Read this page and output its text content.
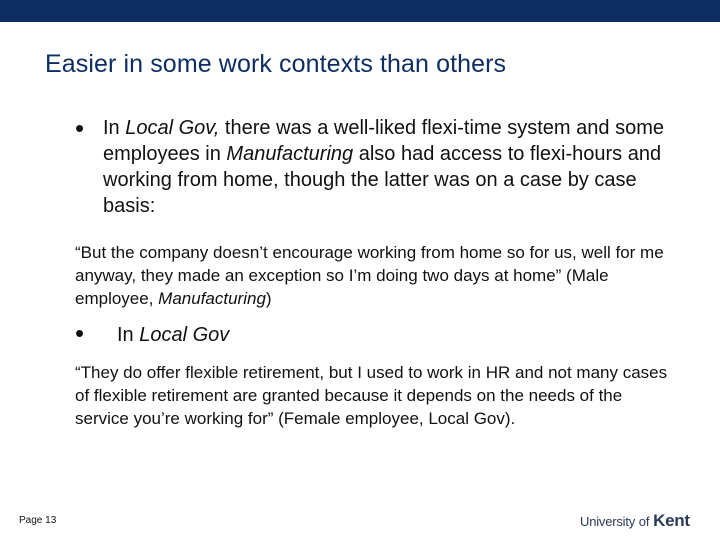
Easier in some work contexts than others
• In Local Gov, there was a well-liked flexi-time system and some employees in Manufacturing also had access to flexi-hours and working from home, though the latter was on a case by case basis:
“But the company doesn’t encourage working from home so for us, well for me anyway, they made an exception so I’m doing two days at home” (Male employee, Manufacturing)
• In Local Gov
“They do offer flexible retirement, but I used to work in HR and not many cases of flexible retirement are granted because it depends on the needs of the service you’re working for” (Female employee, Local Gov).
Page 13	University of Kent
